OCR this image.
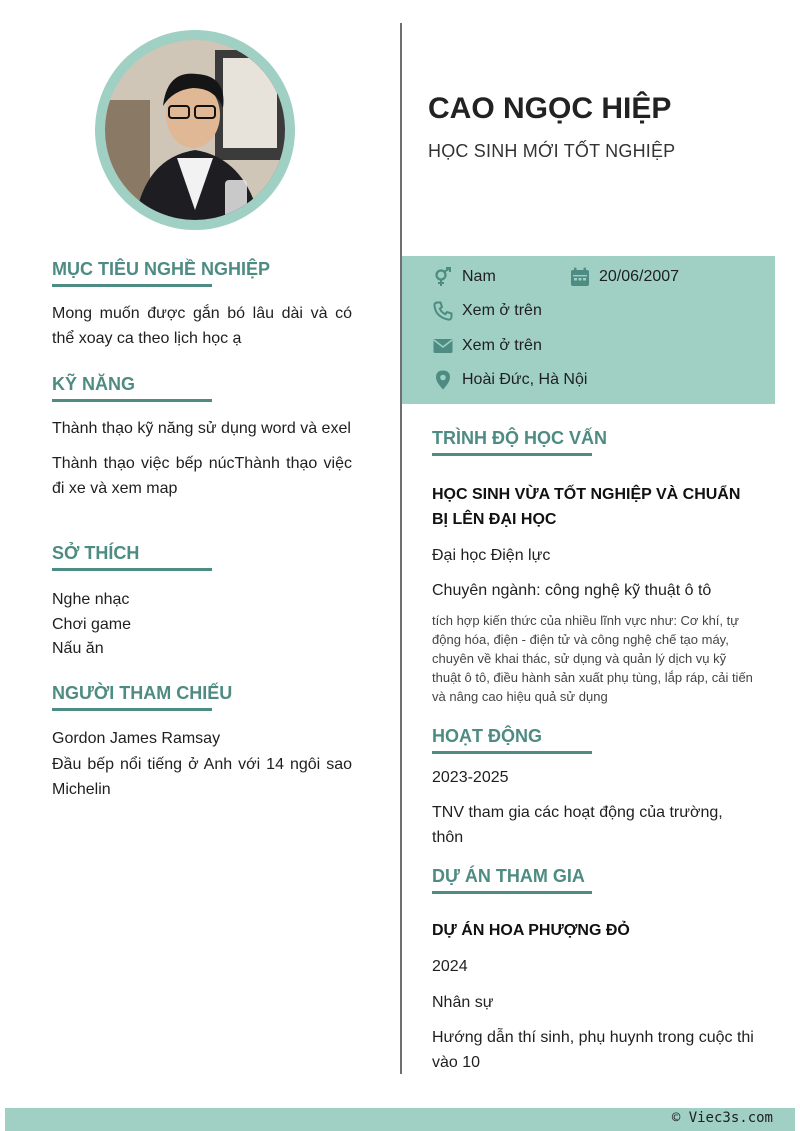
MỤC TIÊU NGHỀ NGHIỆP

Mong muốn được gắn bó lâu dài và có thể xoay ca theo lịch học ạ

KỸ NĂNG

Thành thạo kỹ năng sử dụng word và exel

Thành thạo việc bếp núcThành thạo việc đi xe và xem map

SỞ THÍCH

Nghe nhạc

Chơi game

Nấu ăn

NGƯỜI THAM CHIẾU

Gordon James Ramsay

Đầu bếp nổi tiếng ở Anh với 14 ngôi sao Michelin

CAO NGỌC HIỆP

HỌC SINH MỚI TỐT NGHIỆP

Nam	20/06/2007
Xem ở trên
Xem ở trên
Hoài Đức, Hà Nội
TRÌNH ĐỘ HỌC VẤN

HỌC SINH VỪA TỐT NGHIỆP VÀ CHUẨN BỊ LÊN ĐẠI HỌC

Đại học Điện lực

Chuyên ngành: công nghệ kỹ thuật ô tô

tích hợp kiến thức của nhiều lĩnh vực như: Cơ khí, tự động hóa, điện - điện tử và công nghệ chế tạo máy, chuyên về khai thác, sử dụng và quản lý dịch vụ kỹ thuật ô tô, điều hành sản xuất phụ tùng, lắp ráp, cải tiến và nâng cao hiệu quả sử dụng

HOẠT ĐỘNG

2023-2025

TNV tham gia các hoạt động của trường, thôn

DỰ ÁN THAM GIA

DỰ ÁN HOA PHƯỢNG ĐỎ

2024

Nhân sự

Hướng dẫn thí sinh, phụ huynh trong cuộc thi vào 10

© Viec3s.com
